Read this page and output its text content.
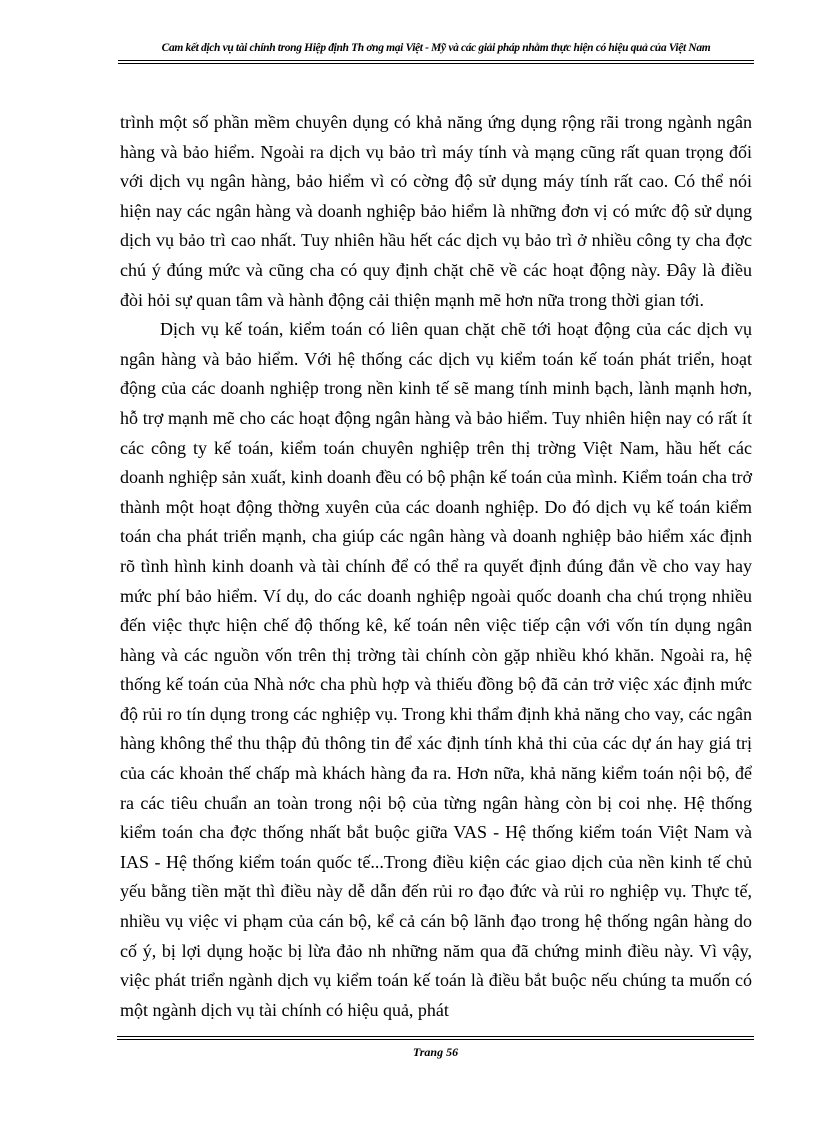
Cam kết dịch vụ tài chính trong Hiệp định Th ơng mại Việt - Mỹ và các giải pháp nhằm thực hiện có hiệu quả của Việt Nam

trình một số phần mềm chuyên dụng có khả năng ứng dụng rộng rãi trong ngành ngân hàng và bảo hiểm. Ngoài ra dịch vụ bảo trì máy tính và mạng cũng rất quan trọng đối với dịch vụ ngân hàng, bảo hiểm vì có cờng độ sử dụng máy tính rất cao. Có thể nói hiện nay các ngân hàng và doanh nghiệp bảo hiểm là những đơn vị có mức độ sử dụng dịch vụ bảo trì cao nhất. Tuy nhiên hầu hết các dịch vụ bảo trì ở nhiều công ty cha đợc chú ý đúng mức và cũng cha có quy định chặt chẽ về các hoạt động này. Đây là điều đòi hỏi sự quan tâm và hành động cải thiện mạnh mẽ hơn nữa trong thời gian tới.

Dịch vụ kế toán, kiểm toán có liên quan chặt chẽ tới hoạt động của các dịch vụ ngân hàng và bảo hiểm. Với hệ thống các dịch vụ kiểm toán kế toán phát triển, hoạt động của các doanh nghiệp trong nền kinh tế sẽ mang tính minh bạch, lành mạnh hơn, hỗ trợ mạnh mẽ cho các hoạt động ngân hàng và bảo hiểm. Tuy nhiên hiện nay có rất ít các công ty kế toán, kiểm toán chuyên nghiệp trên thị trờng Việt Nam, hầu hết các doanh nghiệp sản xuất, kinh doanh đều có bộ phận kế toán của mình. Kiểm toán cha trở thành một hoạt động thờng xuyên của các doanh nghiệp. Do đó dịch vụ kế toán kiểm toán cha phát triển mạnh, cha giúp các ngân hàng và doanh nghiệp bảo hiểm xác định rõ tình hình kinh doanh và tài chính để có thể ra quyết định đúng đắn về cho vay hay mức phí bảo hiểm. Ví dụ, do các doanh nghiệp ngoài quốc doanh cha chú trọng nhiều đến việc thực hiện chế độ thống kê, kế toán nên việc tiếp cận với vốn tín dụng ngân hàng và các nguồn vốn trên thị trờng tài chính còn gặp nhiều khó khăn. Ngoài ra, hệ thống kế toán của Nhà nớc cha phù hợp và thiếu đồng bộ đã cản trở việc xác định mức độ rủi ro tín dụng trong các nghiệp vụ. Trong khi thẩm định khả năng cho vay, các ngân hàng không thể thu thập đủ thông tin để xác định tính khả thi của các dự án hay giá trị của các khoản thế chấp mà khách hàng đa ra. Hơn nữa, khả năng kiểm toán nội bộ, để ra các tiêu chuẩn an toàn trong nội bộ của từng ngân hàng còn bị coi nhẹ. Hệ thống kiểm toán cha đợc thống nhất bắt buộc giữa VAS - Hệ thống kiểm toán Việt Nam và IAS - Hệ thống kiểm toán quốc tế...Trong điều kiện các giao dịch của nền kinh tế chủ yếu bằng tiền mặt thì điều này dễ dẫn đến rủi ro đạo đức và rủi ro nghiệp vụ. Thực tế, nhiều vụ việc vi phạm của cán bộ, kể cả cán bộ lãnh đạo trong hệ thống ngân hàng do cố ý, bị lợi dụng hoặc bị lừa đảo nh những năm qua đã chứng minh điều này. Vì vậy, việc phát triển ngành dịch vụ kiểm toán kế toán là điều bắt buộc nếu chúng ta muốn có một ngành dịch vụ tài chính có hiệu quả, phát

Trang 56
